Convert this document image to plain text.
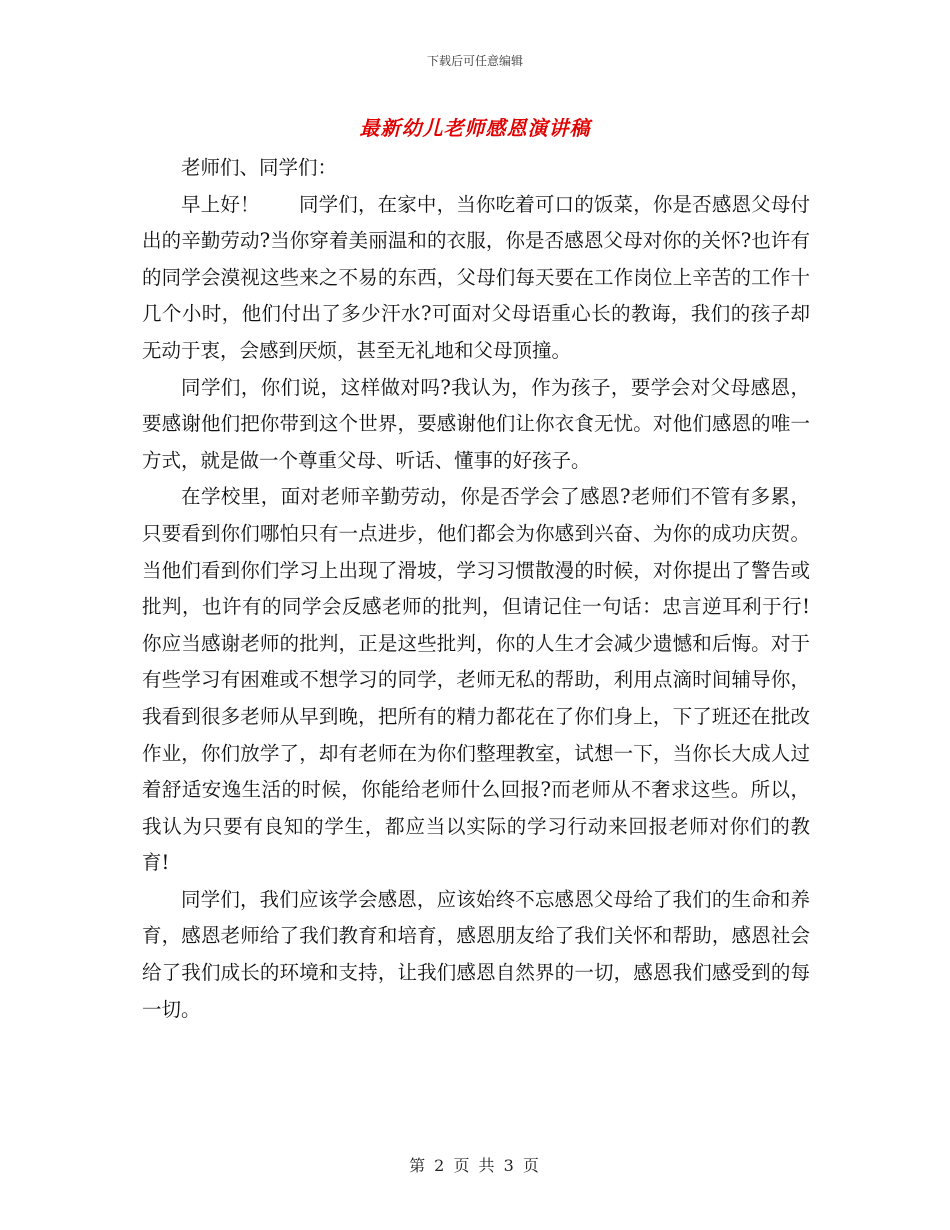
下载后可任意编辑
最新幼儿老师感恩演讲稿

老师们、同学们：

早上好！　　同学们，在家中，当你吃着可口的饭菜，你是否感恩父母付出的辛勤劳动?当你穿着美丽温和的衣服，你是否感恩父母对你的关怀?也许有的同学会漠视这些来之不易的东西，父母们每天要在工作岗位上辛苦的工作十几个小时，他们付出了多少汗水?可面对父母语重心长的教诲，我们的孩子却无动于衷，会感到厌烦，甚至无礼地和父母顶撞。

同学们，你们说，这样做对吗?我认为，作为孩子，要学会对父母感恩，要感谢他们把你带到这个世界，要感谢他们让你衣食无忧。对他们感恩的唯一方式，就是做一个尊重父母、听话、懂事的好孩子。

在学校里，面对老师辛勤劳动，你是否学会了感恩?老师们不管有多累，只要看到你们哪怕只有一点进步，他们都会为你感到兴奋、为你的成功庆贺。当他们看到你们学习上出现了滑坡，学习习惯散漫的时候，对你提出了警告或批判，也许有的同学会反感老师的批判，但请记住一句话：忠言逆耳利于行!你应当感谢老师的批判，正是这些批判，你的人生才会减少遗憾和后悔。对于有些学习有困难或不想学习的同学，老师无私的帮助，利用点滴时间辅导你，我看到很多老师从早到晚，把所有的精力都花在了你们身上，下了班还在批改作业，你们放学了，却有老师在为你们整理教室，试想一下，当你长大成人过着舒适安逸生活的时候，你能给老师什么回报?而老师从不奢求这些。所以，我认为只要有良知的学生，都应当以实际的学习行动来回报老师对你们的教育!

同学们，我们应该学会感恩，应该始终不忘感恩父母给了我们的生命和养育，感恩老师给了我们教育和培育，感恩朋友给了我们关怀和帮助，感恩社会给了我们成长的环境和支持，让我们感恩自然界的一切，感恩我们感受到的每一切。

第 2 页 共 3 页
